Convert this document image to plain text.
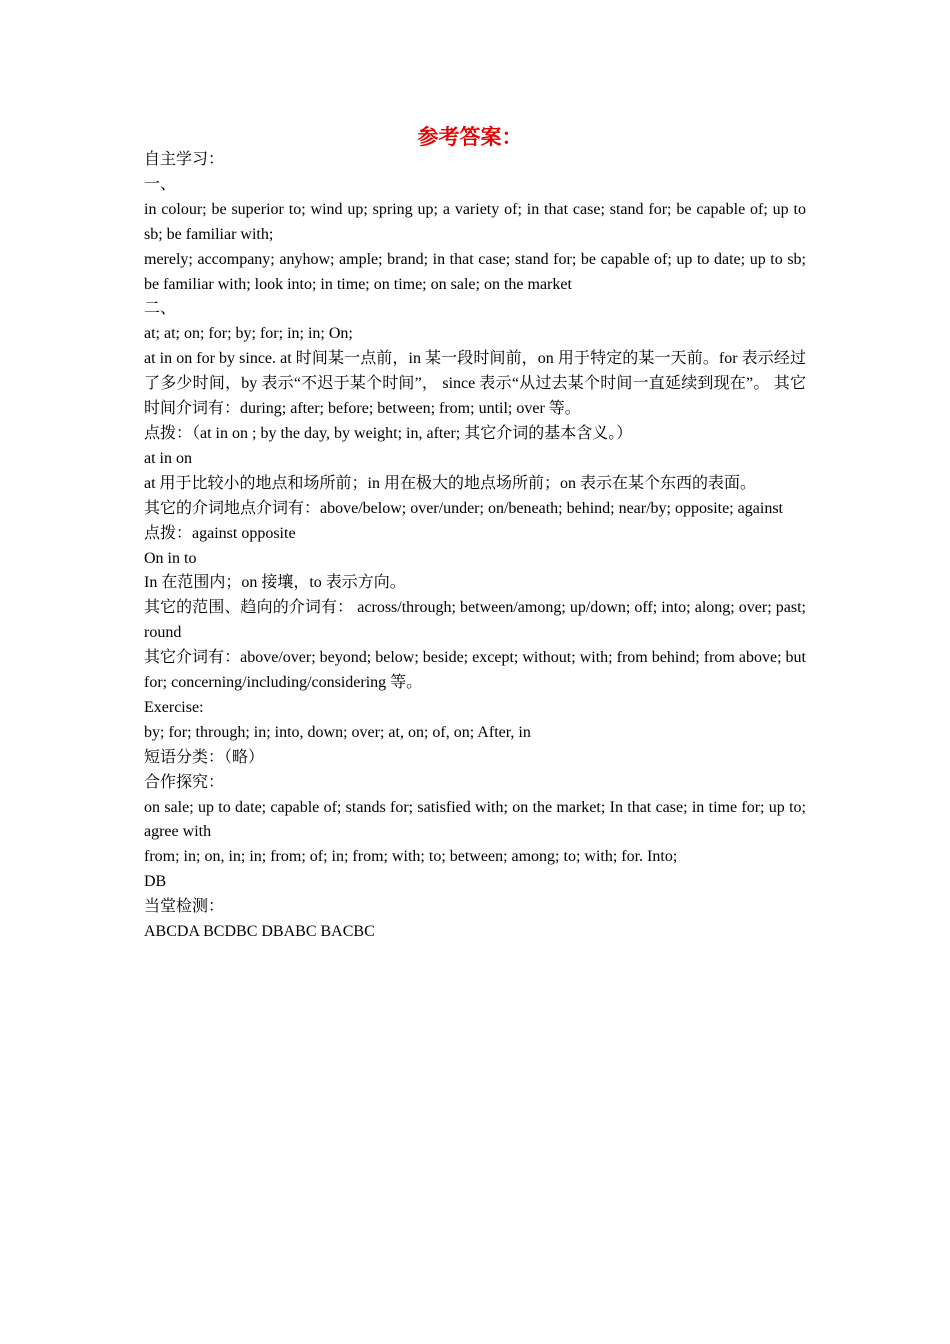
参考答案：

自主学习：

一、

in colour; be superior to; wind up; spring up; a variety of; in that case; stand for; be capable of; up to sb; be familiar with;

merely; accompany; anyhow; ample; brand; in that case; stand for; be capable of; up to date; up to sb; be familiar with; look into; in time; on time; on sale; on the market

二、

at; at; on; for; by; for; in; in; On;

at in on for by since. at 时间某一点前，in 某一段时间前，on 用于特定的某一天前。for 表示经过了多少时间，by 表示“不迟于某个时间”， since 表示“从过去某个时间一直延续到现在”。 其它时间介词有：during; after; before; between; from; until; over 等。

点拨：（at in on ; by the day, by weight; in, after; 其它介词的基本含义。）

at in on

at 用于比较小的地点和场所前；in 用在极大的地点场所前；on 表示在某个东西的表面。

其它的介词地点介词有：above/below; over/under; on/beneath; behind; near/by; opposite; against

点拨：against opposite

On in to

In 在范围内；on 接壤，to 表示方向。

其它的范围、趋向的介词有： across/through; between/among; up/down; off; into; along; over; past; round

其它介词有：above/over; beyond; below; beside; except; without; with; from behind; from above; but for; concerning/including/considering 等。

Exercise:

by; for; through; in; into, down; over; at, on; of, on; After, in

短语分类：（略）

合作探究：

on sale; up to date; capable of; stands for; satisfied with; on the market; In that case; in time for; up to; agree with

from; in; on, in; in; from; of; in; from; with; to; between; among; to; with; for. Into;

DB

当堂检测：

ABCDA BCDBC DBABC BACBC
